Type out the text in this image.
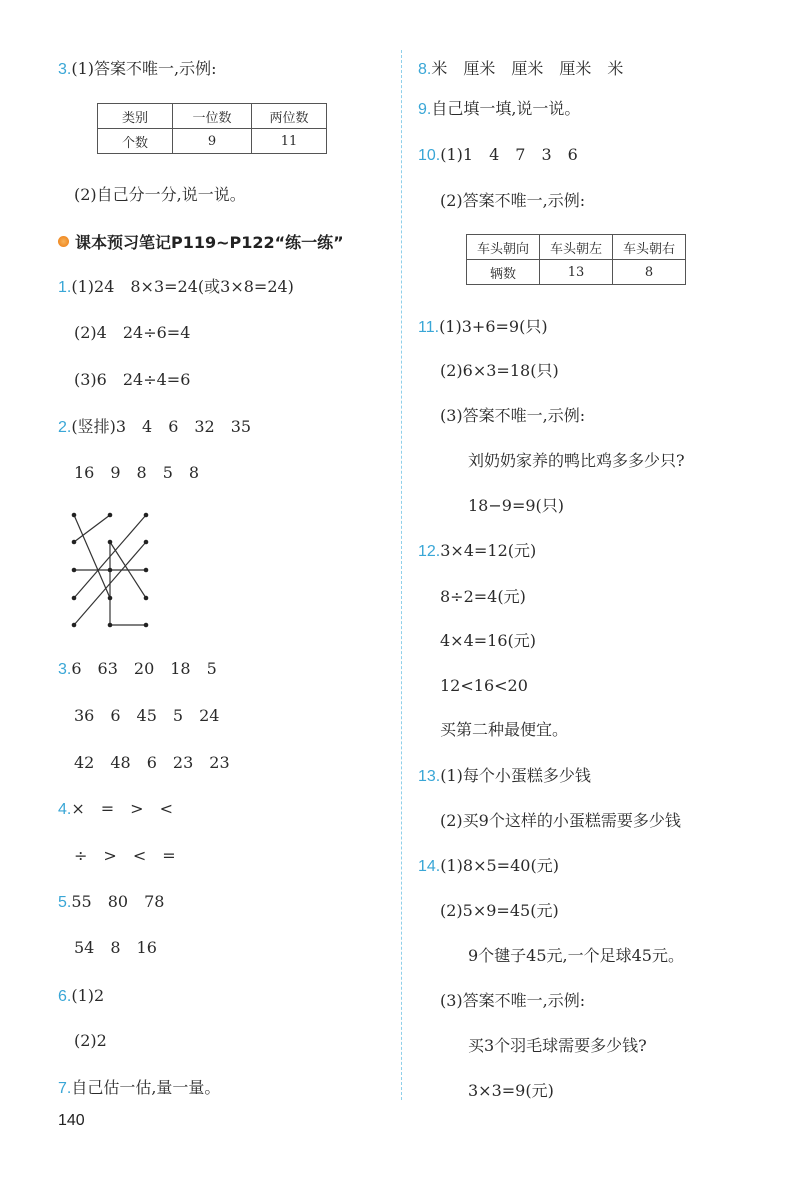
3.(1)答案不唯一,示例:
类别	一位数	两位数
个数	9	11
(2)自己分一分,说一说。
课本预习笔记P119~P122“练一练”
1.(1)24　8×3=24(或3×8=24)
(2)4　24÷6=4
(3)6　24÷4=6
2.(竖排)3　4　6　32　35
16　9　8　5　8
3.6　63　20　18　5
36　6　45　5　24
42　48　6　23　23
4.×　=　>　<
÷　>　<　=
5.55　80　78
54　8　16
6.(1)2
(2)2
7.自己估一估,量一量。
140
8.米　厘米　厘米　厘米　米
9.自己填一填,说一说。
10.(1)1　4　7　3　6
(2)答案不唯一,示例:
车头朝向	车头朝左	车头朝右
辆数	13	8
11.(1)3+6=9(只)
(2)6×3=18(只)
(3)答案不唯一,示例:
刘奶奶家养的鸭比鸡多多少只?
18−9=9(只)
12.3×4=12(元)
8÷2=4(元)
4×4=16(元)
12<16<20
买第二种最便宜。
13.(1)每个小蛋糕多少钱
(2)买9个这样的小蛋糕需要多少钱
14.(1)8×5=40(元)
(2)5×9=45(元)
9个毽子45元,一个足球45元。
(3)答案不唯一,示例:
买3个羽毛球需要多少钱?
3×3=9(元)
